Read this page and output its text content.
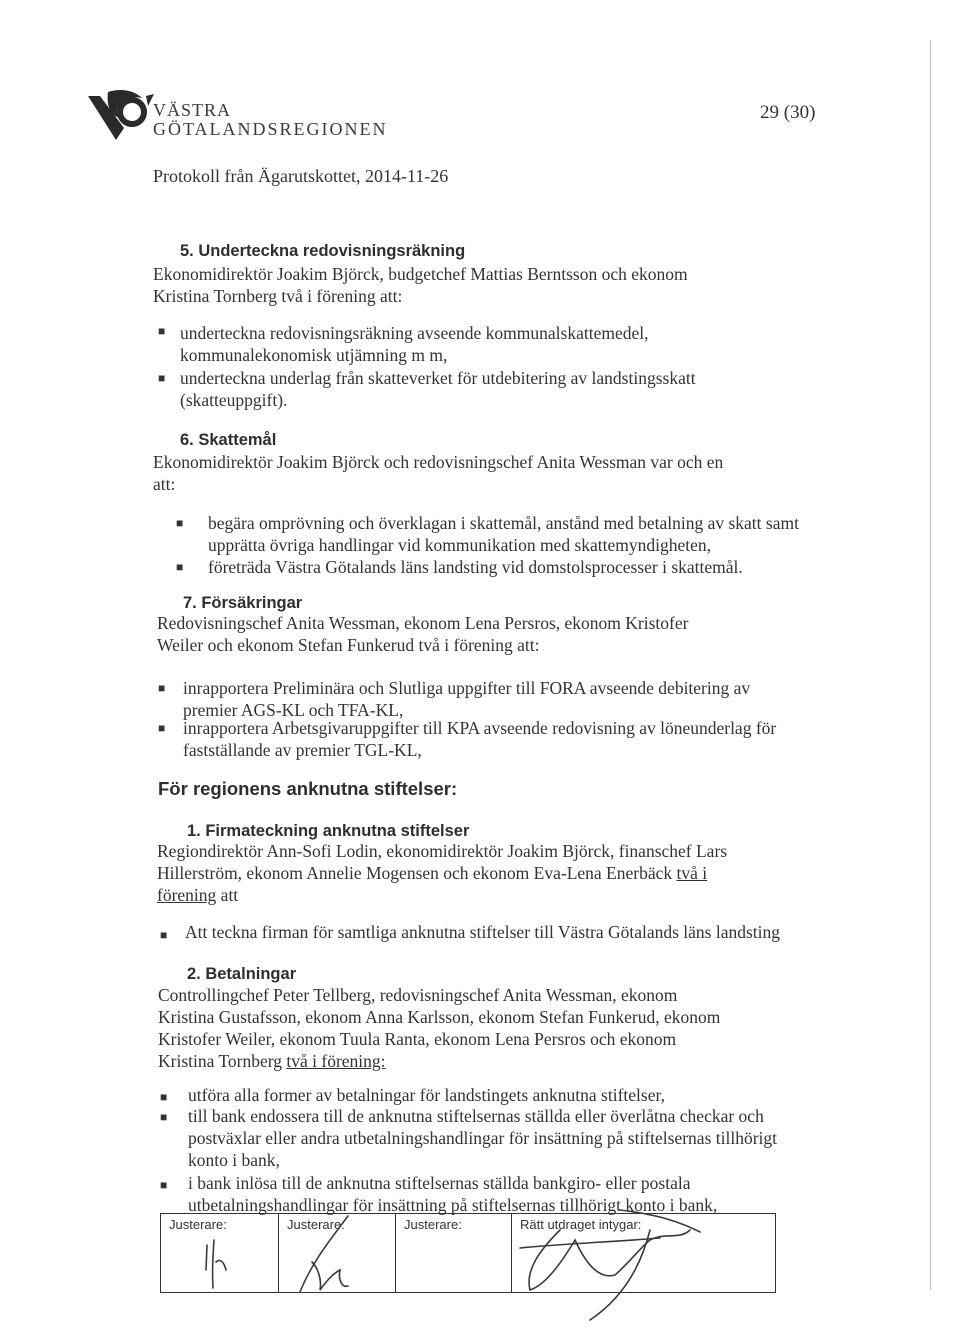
VÄSTRA
GÖTALANDSREGIONEN
29 (30)
Protokoll från Ägarutskottet, 2014-11-26
5. Underteckna redovisningsräkning
Ekonomidirektör Joakim Björck, budgetchef Mattias Berntsson och ekonom
Kristina Tornberg två i förening att:
■ underteckna redovisningsräkning avseende kommunalskattemedel,
kommunalekonomisk utjämning m m,
■ underteckna underlag från skatteverket för utdebitering av landstingsskatt
(skatteuppgift).
6. Skattemål
Ekonomidirektör Joakim Björck och redovisningschef Anita Wessman var och en
att:
■ begära omprövning och överklagan i skattemål, anstånd med betalning av skatt samt
upprätta övriga handlingar vid kommunikation med skattemyndigheten,
■ företräda Västra Götalands läns landsting vid domstolsprocesser i skattemål.
7. Försäkringar
Redovisningschef Anita Wessman, ekonom Lena Persros, ekonom Kristofer
Weiler och ekonom Stefan Funkerud två i förening att:
■ inrapportera Preliminära och Slutliga uppgifter till FORA avseende debitering av
premier AGS-KL och TFA-KL,
■ inrapportera Arbetsgivaruppgifter till KPA avseende redovisning av löneunderlag för
fastställande av premier TGL-KL,
För regionens anknutna stiftelser:
1. Firmateckning anknutna stiftelser
Regiondirektör Ann-Sofi Lodin, ekonomidirektör Joakim Björck, finanschef Lars
Hillerström, ekonom Annelie Mogensen och ekonom Eva-Lena Enerbäck två i
förening att
■ Att teckna firman för samtliga anknutna stiftelser till Västra Götalands läns landsting
2. Betalningar
Controllingchef Peter Tellberg, redovisningschef Anita Wessman, ekonom
Kristina Gustafsson, ekonom Anna Karlsson, ekonom Stefan Funkerud, ekonom
Kristofer Weiler, ekonom Tuula Ranta, ekonom Lena Persros och ekonom
Kristina Tornberg två i förening:
■ utföra alla former av betalningar för landstingets anknutna stiftelser,
■ till bank endossera till de anknutna stiftelsernas ställda eller överlåtna checkar och
postväxlar eller andra utbetalningshandlingar för insättning på stiftelsernas tillhörigt
konto i bank,
■ i bank inlösa till de anknutna stiftelsernas ställda bankgiro- eller postala
utbetalningshandlingar för insättning på stiftelsernas tillhörigt konto i bank,
Justerare:	Justerare:	Justerare:	Rätt utdraget intygar:
